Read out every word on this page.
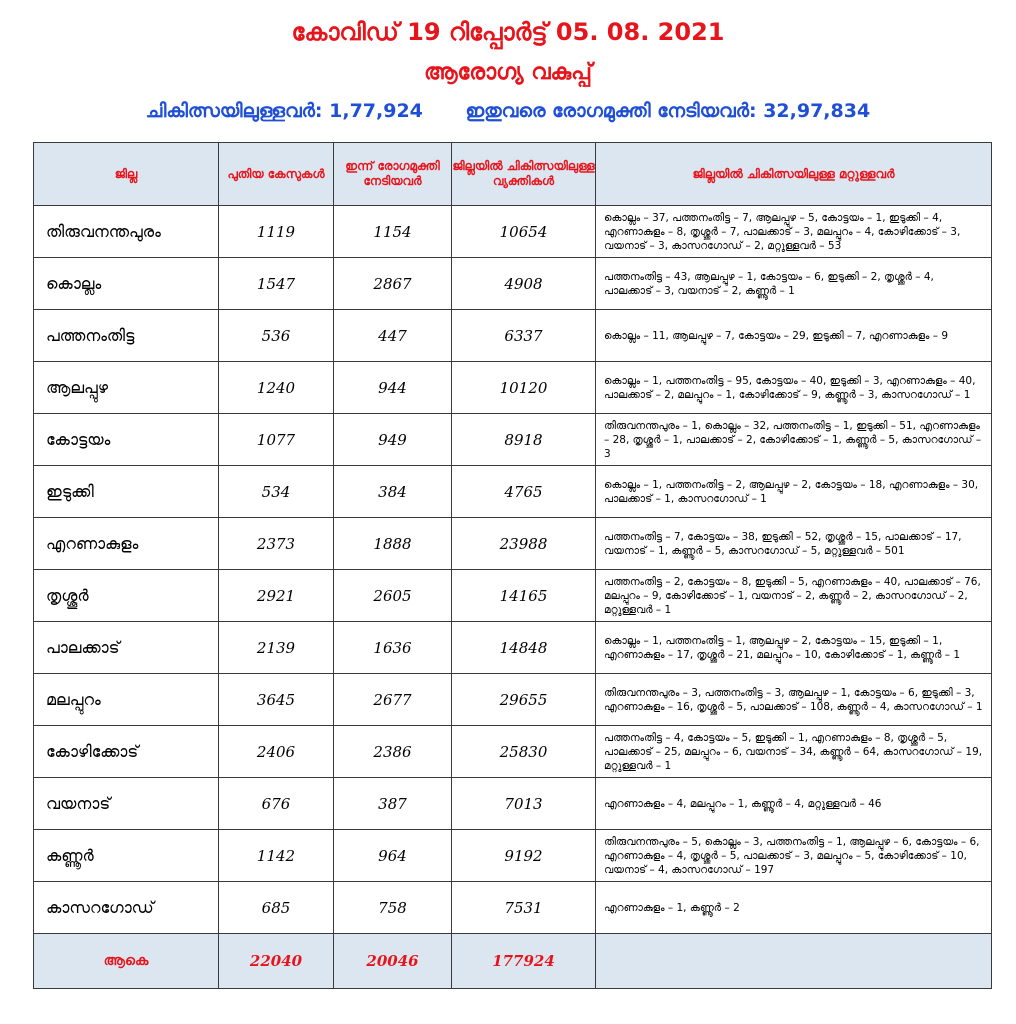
കോവിഡ് 19 റിപ്പോർട്ട് 05. 08. 2021
ആരോഗ്യ വകുപ്പ്
ചികിത്സയിലുള്ളവർ: 1,77,924 ഇതുവരെ രോഗമുക്തി നേടിയവർ: 32,97,834
ജില്ല	പുതിയ കേസുകൾ	ഇന്ന് രോഗമുക്തി നേടിയവർ	ജില്ലയിൽ ചികിത്സയിലുള്ള വ്യക്തികൾ	ജില്ലയിൽ ചികിത്സയിലുള്ള മറ്റുള്ളവർ
തിരുവനന്തപുരം	1119	1154	10654	കൊല്ലം – 37, പത്തനംതിട്ട – 7, ആലപ്പുഴ – 5, കോട്ടയം – 1, ഇടുക്കി – 4, എറണാകുളം – 8, തൃശ്ശൂർ – 7, പാലക്കാട് – 3, മലപ്പുറം – 4, കോഴിക്കോട് – 3, വയനാട് – 3, കാസറഗോഡ് – 2, മറ്റുള്ളവർ – 53
കൊല്ലം	1547	2867	4908	പത്തനംതിട്ട – 43, ആലപ്പുഴ – 1, കോട്ടയം – 6, ഇടുക്കി – 2, തൃശ്ശൂർ – 4, പാലക്കാട് – 3, വയനാട് – 2, കണ്ണൂർ – 1
പത്തനംതിട്ട	536	447	6337	കൊല്ലം – 11, ആലപ്പുഴ – 7, കോട്ടയം – 29, ഇടുക്കി – 7, എറണാകുളം – 9
ആലപ്പുഴ	1240	944	10120	കൊല്ലം – 1, പത്തനംതിട്ട – 95, കോട്ടയം – 40, ഇടുക്കി – 3, എറണാകുളം – 40, പാലക്കാട് – 2, മലപ്പുറം – 1, കോഴിക്കോട് – 9, കണ്ണൂർ – 3, കാസറഗോഡ് – 1
കോട്ടയം	1077	949	8918	തിരുവനന്തപുരം – 1, കൊല്ലം – 32, പത്തനംതിട്ട – 1, ഇടുക്കി – 51, എറണാകുളം – 28, തൃശ്ശൂർ – 1, പാലക്കാട് – 2, കോഴിക്കോട് – 1, കണ്ണൂർ – 5, കാസറഗോഡ് – 3
ഇടുക്കി	534	384	4765	കൊല്ലം – 1, പത്തനംതിട്ട – 2, ആലപ്പുഴ – 2, കോട്ടയം – 18, എറണാകുളം – 30, പാലക്കാട് – 1, കാസറഗോഡ് – 1
എറണാകുളം	2373	1888	23988	പത്തനംതിട്ട – 7, കോട്ടയം – 38, ഇടുക്കി – 52, തൃശ്ശൂർ – 15, പാലക്കാട് – 17, വയനാട് – 1, കണ്ണൂർ – 5, കാസറഗോഡ് – 5, മറ്റുള്ളവർ – 501
തൃശ്ശൂർ	2921	2605	14165	പത്തനംതിട്ട – 2, കോട്ടയം – 8, ഇടുക്കി – 5, എറണാകുളം – 40, പാലക്കാട് – 76, മലപ്പുറം – 9, കോഴിക്കോട് – 1, വയനാട് – 2, കണ്ണൂർ – 2, കാസറഗോഡ് – 2, മറ്റുള്ളവർ – 1
പാലക്കാട്	2139	1636	14848	കൊല്ലം – 1, പത്തനംതിട്ട – 1, ആലപ്പുഴ – 2, കോട്ടയം – 15, ഇടുക്കി – 1, എറണാകുളം – 17, തൃശ്ശൂർ – 21, മലപ്പുറം – 10, കോഴിക്കോട് – 1, കണ്ണൂർ – 1
മലപ്പുറം	3645	2677	29655	തിരുവനന്തപുരം – 3, പത്തനംതിട്ട – 3, ആലപ്പുഴ – 1, കോട്ടയം – 6, ഇടുക്കി – 3, എറണാകുളം – 16, തൃശ്ശൂർ – 5, പാലക്കാട് – 108, കണ്ണൂർ – 4, കാസറഗോഡ് – 1
കോഴിക്കോട്	2406	2386	25830	പത്തനംതിട്ട – 4, കോട്ടയം – 5, ഇടുക്കി – 1, എറണാകുളം – 8, തൃശ്ശൂർ – 5, പാലക്കാട് – 25, മലപ്പുറം – 6, വയനാട് – 34, കണ്ണൂർ – 64, കാസറഗോഡ് – 19, മറ്റുള്ളവർ – 1
വയനാട്	676	387	7013	എറണാകുളം – 4, മലപ്പുറം – 1, കണ്ണൂർ – 4, മറ്റുള്ളവർ – 46
കണ്ണൂർ	1142	964	9192	തിരുവനന്തപുരം – 5, കൊല്ലം – 3, പത്തനംതിട്ട – 1, ആലപ്പുഴ – 6, കോട്ടയം – 6, എറണാകുളം – 4, തൃശ്ശൂർ – 5, പാലക്കാട് – 3, മലപ്പുറം – 5, കോഴിക്കോട് – 10, വയനാട് – 4, കാസറഗോഡ് – 197
കാസറഗോഡ്	685	758	7531	എറണാകുളം – 1, കണ്ണൂർ – 2
ആകെ	22040	20046	177924	
